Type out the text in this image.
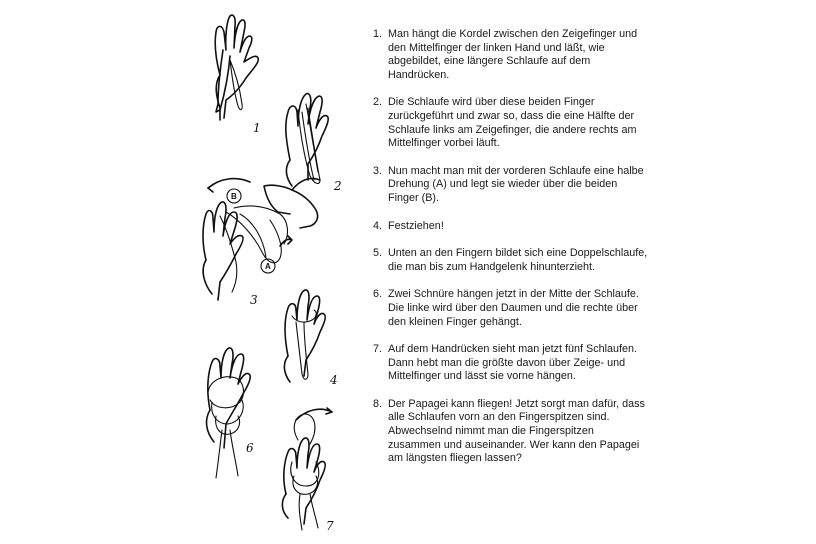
1
2
B
A
3
4
6
7
1. Man hängt die Kordel zwischen den Zeigefinger und den Mittelfinger der linken Hand und läßt, wie abgebildet, eine längere Schlaufe auf dem Handrücken.
2. Die Schlaufe wird über diese beiden Finger zurückgeführt und zwar so, dass die eine Hälfte der Schlaufe links am Zeigefinger, die andere rechts am Mittelfinger vorbei läuft.
3. Nun macht man mit der vorderen Schlaufe eine halbe Drehung (A) und legt sie wieder über die beiden Finger (B).
4. Festziehen!
5. Unten an den Fingern bildet sich eine Doppelschlaufe, die man bis zum Handgelenk hinunterzieht.
6. Zwei Schnüre hängen jetzt in der Mitte der Schlaufe. Die linke wird über den Daumen und die rechte über den kleinen Finger gehängt.
7. Auf dem Handrücken sieht man jetzt fünf Schlaufen. Dann hebt man die größte davon über Zeige- und Mittelfinger und lässt sie vorne hängen.
8. Der Papagei kann fliegen! Jetzt sorgt man dafür, dass alle Schlaufen vorn an den Fingerspitzen sind. Abwechselnd nimmt man die Fingerspitzen zusammen und auseinander. Wer kann den Papagei am längsten fliegen lassen?
